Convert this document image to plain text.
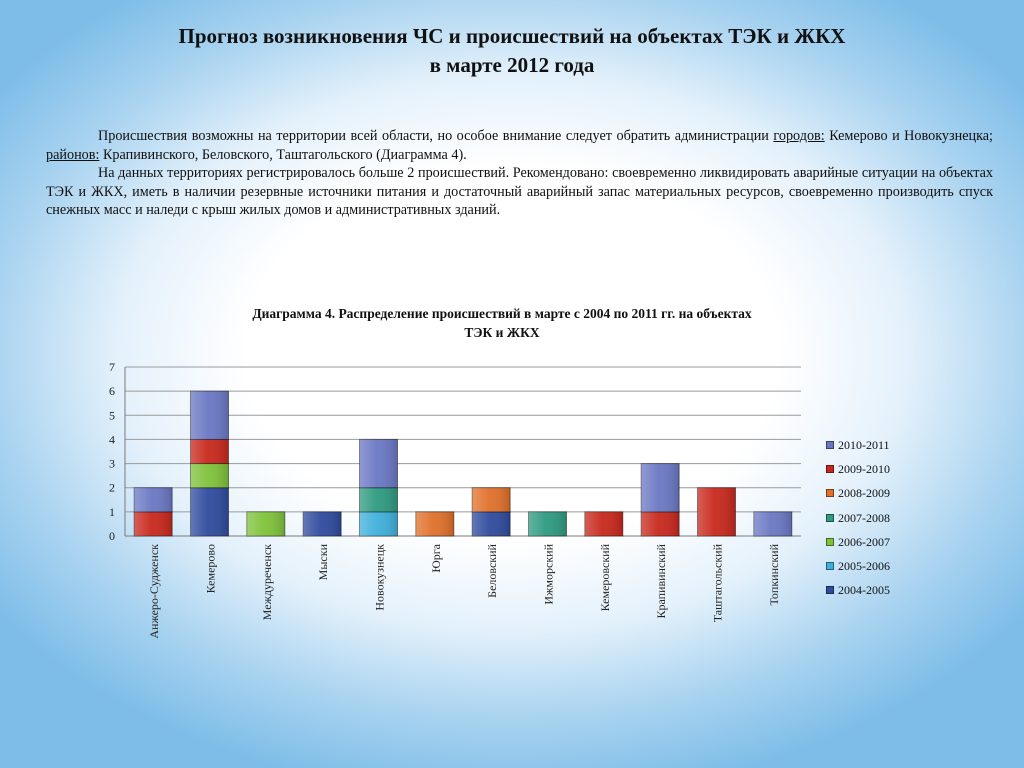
Прогноз возникновения ЧС и происшествий на объектах ТЭК и ЖКХ
в марте 2012 года

Происшествия возможны на территории всей области, но особое внимание следует обратить администрации городов: Кемерово и Новокузнецка; районов: Крапивинского, Беловского, Таштагольского (Диаграмма 4).

На данных территориях регистрировалось больше 2 происшествий. Рекомендовано: своевременно ликвидировать аварийные ситуации на объектах ТЭК и ЖКХ, иметь в наличии резервные источники питания и достаточный аварийный запас материальных ресурсов, своевременно производить спуск снежных масс и наледи с крыш жилых домов и административных зданий.

Диаграмма 4. Распределение происшествий в марте с 2004 по 2011 гг. на объектах
ТЭК и ЖКХ
0
1
2
3
4
5
6
7
Анжеро-Судженск	Кемерово	Междуреченск	Мыски	Новокузнецк	Юрга	Беловский	Ижморский	Кемеровский	Крапивинский	Таштагольский	Топкинский
2010-2011
2009-2010
2008-2009
2007-2008
2006-2007
2005-2006
2004-2005
